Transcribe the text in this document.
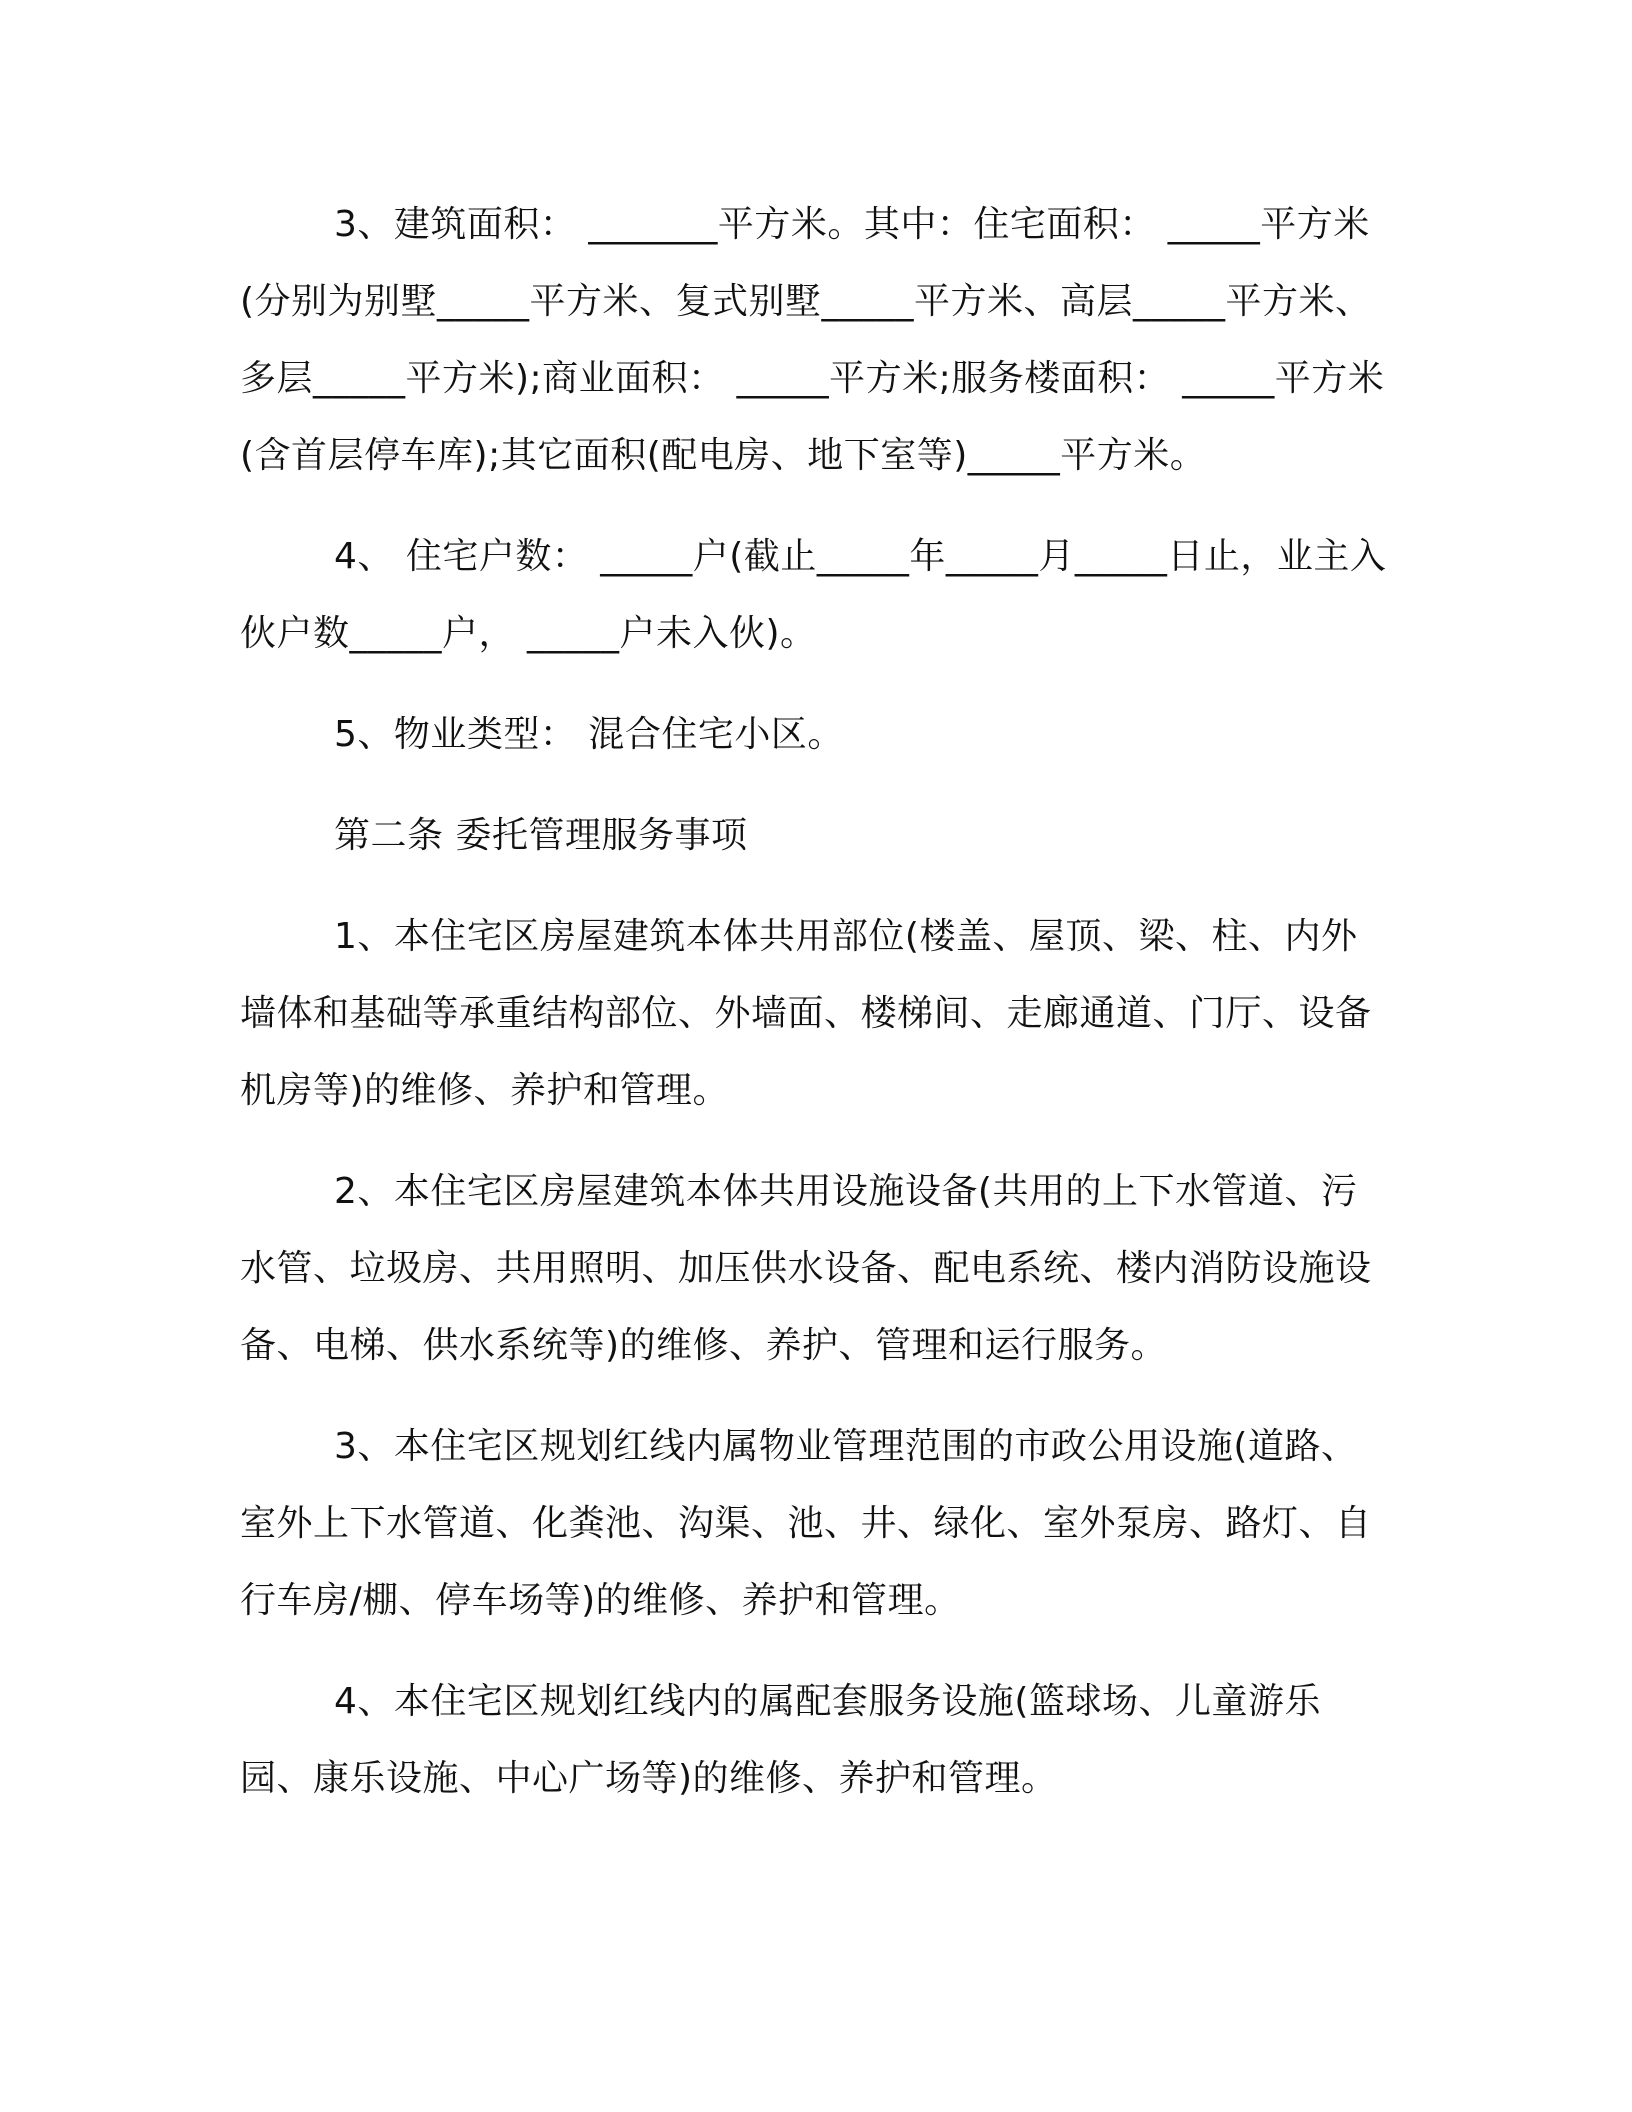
3、建筑面积： _______平方米。其中：住宅面积： _____平方米(分别为别墅_____平方米、复式别墅_____平方米、高层_____平方米、多层_____平方米);商业面积： _____平方米;服务楼面积： _____平方米(含首层停车库);其它面积(配电房、地下室等)_____平方米。

4、 住宅户数： _____户(截止_____年_____月_____日止，业主入伙户数_____户， _____户未入伙)。

5、物业类型： 混合住宅小区。

第二条 委托管理服务事项

1、本住宅区房屋建筑本体共用部位(楼盖、屋顶、梁、柱、内外墙体和基础等承重结构部位、外墙面、楼梯间、走廊通道、门厅、设备机房等)的维修、养护和管理。

2、本住宅区房屋建筑本体共用设施设备(共用的上下水管道、污水管、垃圾房、共用照明、加压供水设备、配电系统、楼内消防设施设备、电梯、供水系统等)的维修、养护、管理和运行服务。

3、本住宅区规划红线内属物业管理范围的市政公用设施(道路、室外上下水管道、化粪池、沟渠、池、井、绿化、室外泵房、路灯、自行车房/棚、停车场等)的维修、养护和管理。

4、本住宅区规划红线内的属配套服务设施(篮球场、儿童游乐园、康乐设施、中心广场等)的维修、养护和管理。
